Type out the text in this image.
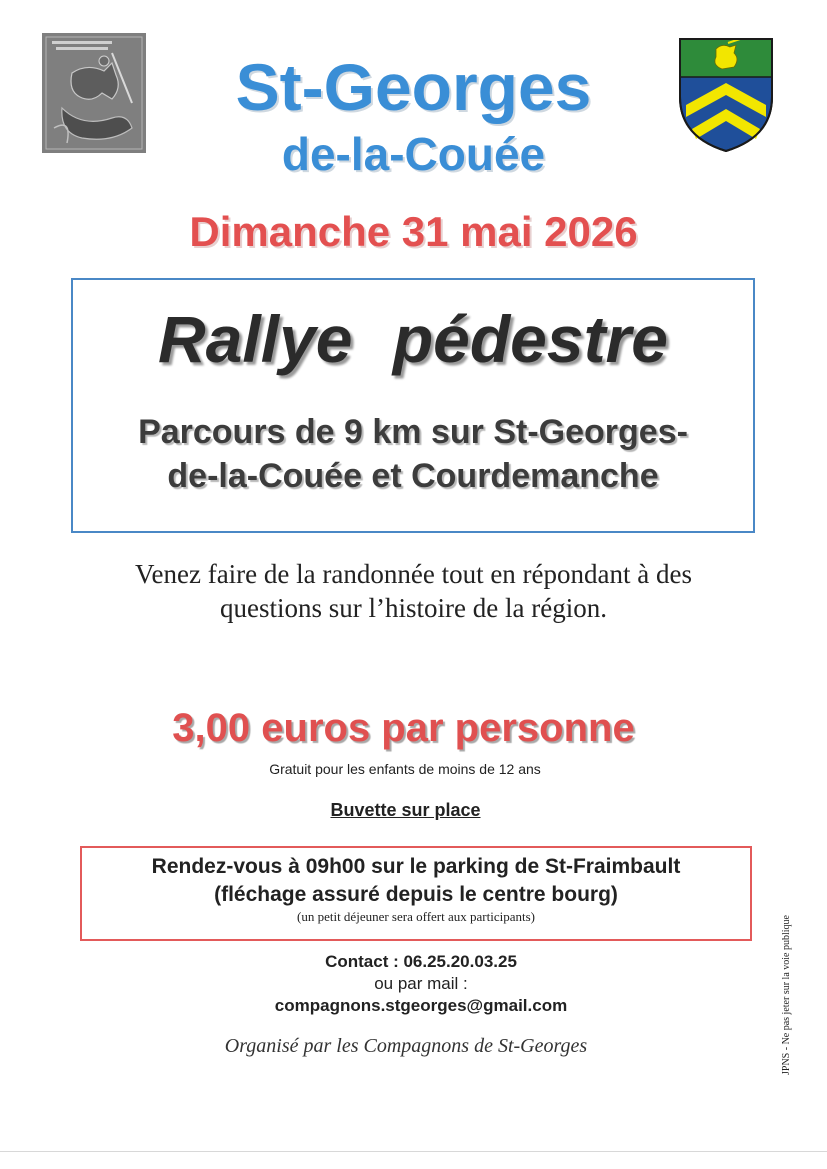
St-Georges
de-la-Couée
Dimanche 31 mai 2026
Rallye pédestre
Parcours de 9 km sur St-Georges-
de-la-Couée et Courdemanche
Venez faire de la randonnée tout en répondant à des
questions sur l’histoire de la région.
3,00 euros par personne
Gratuit pour les enfants de moins de 12 ans
Buvette sur place
Rendez-vous à 09h00 sur le parking de St-Fraimbault
(fléchage assuré depuis le centre bourg)
(un petit déjeuner sera offert aux participants)
Contact : 06.25.20.03.25
ou par mail :
compagnons.stgeorges@gmail.com
Organisé par les Compagnons de St-Georges	JPNS - Ne pas jeter sur la voie publique
